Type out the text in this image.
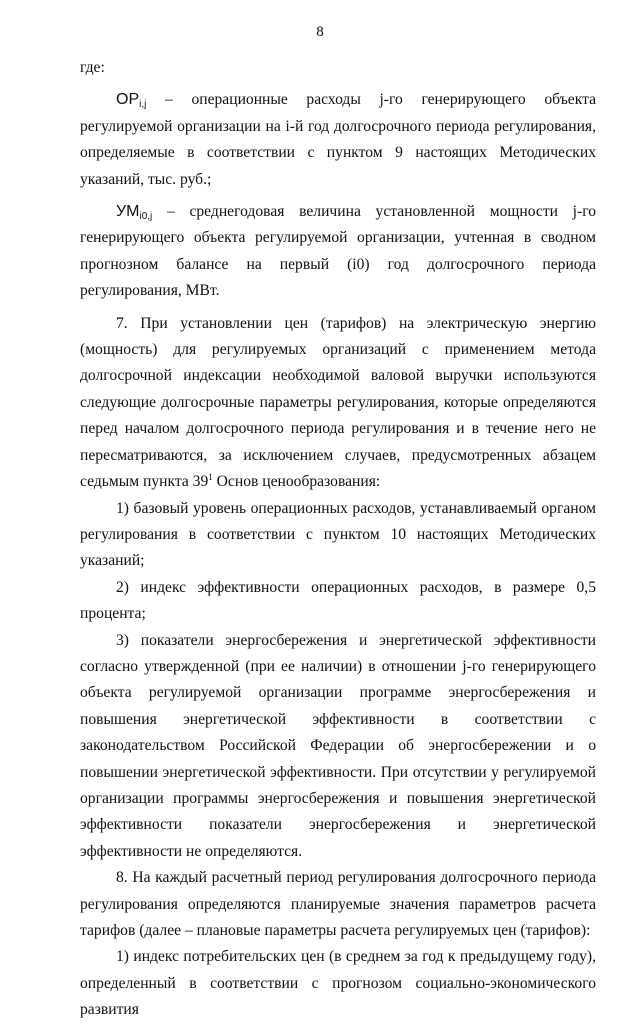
8

где:

$OP_{i,j}$ – операционные расходы j-го генерирующего объекта регулируемой организации на i-й год долгосрочного периода регулирования, определяемые в соответствии с пунктом 9 настоящих Методических указаний, тыс. руб.;

$УМ_{i0,j}$ – среднегодовая величина установленной мощности j-го генерирующего объекта регулируемой организации, учтенная в сводном прогнозном балансе на первый (i0) год долгосрочного периода регулирования, МВт.

7. При установлении цен (тарифов) на электрическую энергию (мощность) для регулируемых организаций с применением метода долгосрочной индексации необходимой валовой выручки используются следующие долгосрочные параметры регулирования, которые определяются перед началом долгосрочного периода регулирования и в течение него не пересматриваются, за исключением случаев, предусмотренных абзацем седьмым пункта $39^1$ Основ ценообразования:

1) базовый уровень операционных расходов, устанавливаемый органом регулирования в соответствии с пунктом 10 настоящих Методических указаний;

2) индекс эффективности операционных расходов, в размере 0,5 процента;

3) показатели энергосбережения и энергетической эффективности согласно утвержденной (при ее наличии) в отношении j-го генерирующего объекта регулируемой организации программе энергосбережения и повышения энергетической эффективности в соответствии с законодательством Российской Федерации об энергосбережении и о повышении энергетической эффективности. При отсутствии у регулируемой организации программы энергосбережения и повышения энергетической эффективности показатели энергосбережения и энергетической эффективности не определяются.

8. На каждый расчетный период регулирования долгосрочного периода регулирования определяются планируемые значения параметров расчета тарифов (далее – плановые параметры расчета регулируемых цен (тарифов):

1) индекс потребительских цен (в среднем за год к предыдущему году), определенный в соответствии с прогнозом социально-экономического развития
